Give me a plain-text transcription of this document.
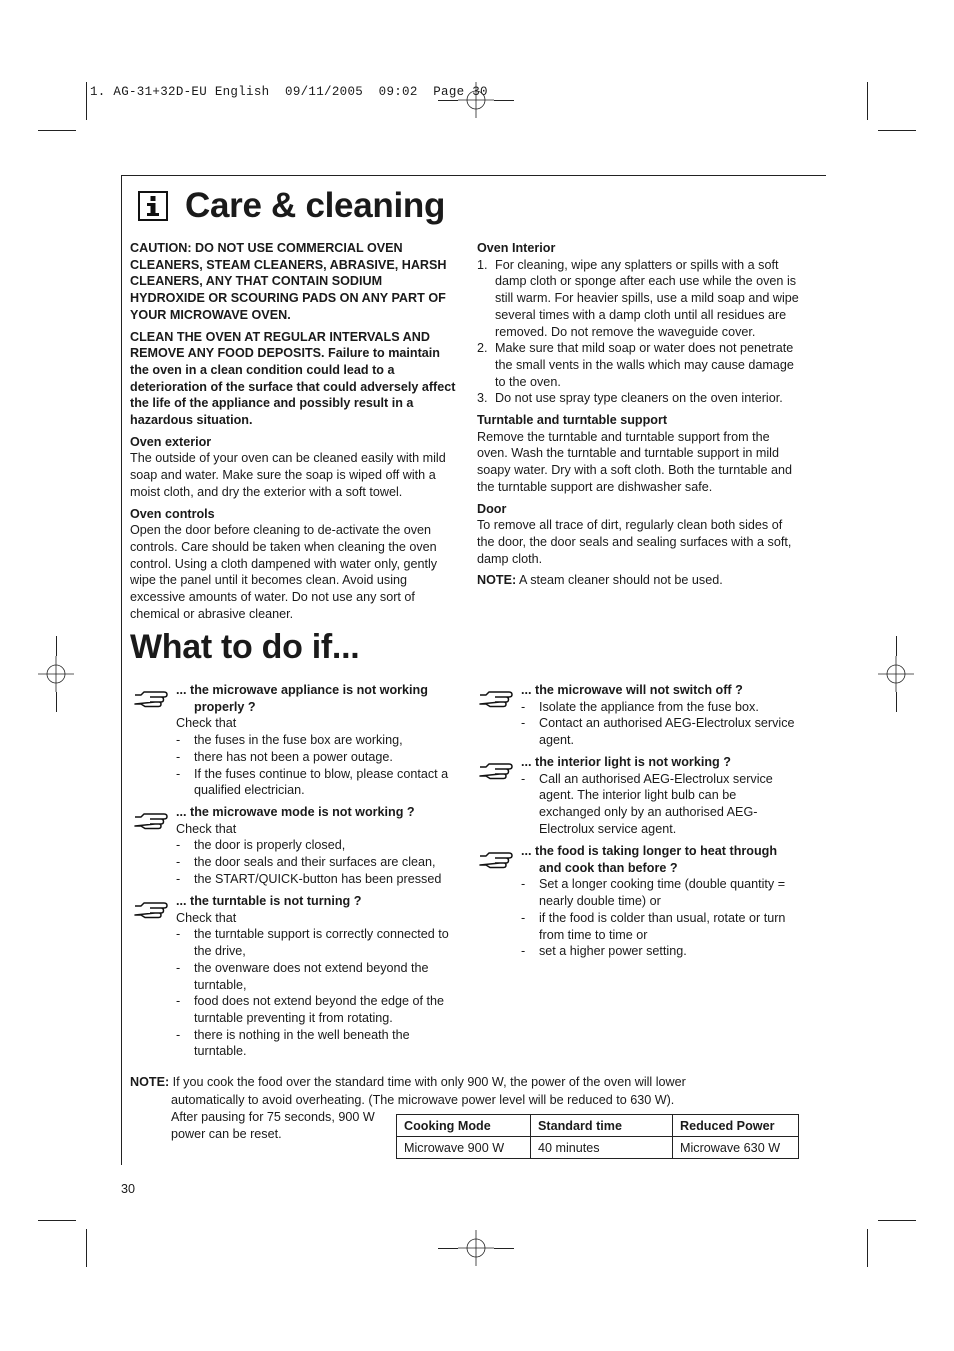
1. AG-31+32D-EU English  09/11/2005  09:02  Page 30
Care & cleaning

CAUTION: DO NOT USE COMMERCIAL OVEN CLEANERS, STEAM CLEANERS, ABRASIVE, HARSH CLEANERS, ANY THAT CONTAIN SODIUM HYDROXIDE OR SCOURING PADS ON ANY PART OF YOUR MICROWAVE OVEN.

CLEAN THE OVEN AT REGULAR INTERVALS AND REMOVE ANY FOOD DEPOSITS. Failure to maintain the oven in a clean condition could lead to a deterioration of the surface that could adversely affect the life of the appliance and possibly result in a hazardous situation.

Oven exterior

The outside of your oven can be cleaned easily with mild soap and water. Make sure the soap is wiped off with a moist cloth, and dry the exterior with a soft towel.

Oven controls

Open the door before cleaning to de-activate the oven controls. Care should be taken when cleaning the oven control. Using a cloth dampened with water only, gently wipe the panel until it becomes clean. Avoid using excessive amounts of water. Do not use any sort of chemical or abrasive cleaner.

Oven Interior

1. For cleaning, wipe any splatters or spills with a soft damp cloth or sponge after each use while the oven is still warm. For heavier spills, use a mild soap and wipe several times with a damp cloth until all residues are removed. Do not remove the waveguide cover.
2. Make sure that mild soap or water does not penetrate the small vents in the walls which may cause damage to the oven.
3. Do not use spray type cleaners on the oven interior.

Turntable and turntable support

Remove the turntable and turntable support from the oven. Wash the turntable and turntable support in mild soapy water. Dry with a soft cloth. Both the turntable and the turntable support are dishwasher safe.

Door

To remove all trace of dirt, regularly clean both sides of the door, the door seals and sealing surfaces with a soft, damp cloth.

NOTE: A steam cleaner should not be used.

What to do if...

... the microwave appliance is not working properly ?

Check that

- the fuses in the fuse box are working,
- there has not been a power outage.
- If the fuses continue to blow, please contact a qualified electrician.

... the microwave mode is not working ?

Check that

- the door is properly closed,
- the door seals and their surfaces are clean,
- the START/QUICK-button has been pressed

... the turntable is not turning ?

Check that

- the turntable support is correctly connected to the drive,
- the ovenware does not extend beyond the turntable,
- food does not extend beyond the edge of the turntable preventing it from rotating.
- there is nothing in the well beneath the turntable.

... the microwave will not switch off ?

- Isolate the appliance from the fuse box.
- Contact an authorised AEG-Electrolux service agent.

... the interior light is not working ?

- Call an authorised AEG-Electrolux service agent. The interior light bulb can be exchanged only by an authorised AEG-Electrolux service agent.

... the food is taking longer to heat through and cook than before ?

- Set a longer cooking time (double quantity = nearly double time) or
- if the food is colder than usual, rotate or turn from time to time or
- set a higher power setting.

NOTE: If you cook the food over the standard time with only 900 W, the power of the oven will lower

automatically to avoid overheating. (The microwave power level will be reduced to 630 W).

After pausing for 75 seconds, 900 W power can be reset.
Cooking Mode	Standard time	Reduced Power
Microwave 900 W	40 minutes	Microwave 630 W
30
